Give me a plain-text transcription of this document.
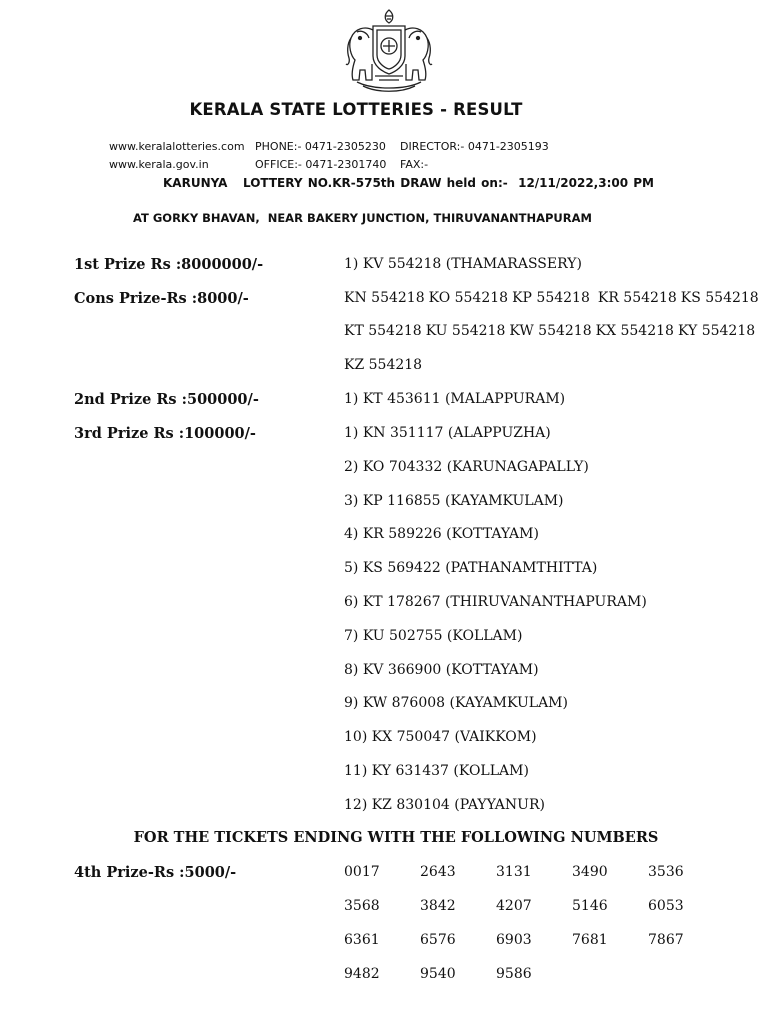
KERALA STATE LOTTERIES - RESULT
www.keralalotteries.com
www.kerala.gov.in
PHONE:- 0471-2305230
OFFICE:- 0471-2301740
DIRECTOR:- 0471-2305193
FAX:-
KARUNYA   LOTTERY NO.KR-575th DRAW held on:-  12/11/2022,3:00 PM
AT GORKY BHAVAN,  NEAR BAKERY JUNCTION, THIRUVANANTHAPURAM
1st Prize Rs :8000000/-	1) KV 554218 (THAMARASSERY)
Cons Prize-Rs :8000/-	KN 554218 KO 554218 KP 554218 KR 554218 KS 554218
KT 554218 KU 554218 KW 554218 KX 554218 KY 554218
KZ 554218
2nd Prize Rs :500000/-	1) KT 453611 (MALAPPURAM)
3rd Prize Rs :100000/-	1) KN 351117 (ALAPPUZHA)
2) KO 704332 (KARUNAGAPALLY)
3) KP 116855 (KAYAMKULAM)
4) KR 589226 (KOTTAYAM)
5) KS 569422 (PATHANAMTHITTA)
6) KT 178267 (THIRUVANANTHAPURAM)
7) KU 502755 (KOLLAM)
8) KV 366900 (KOTTAYAM)
9) KW 876008 (KAYAMKULAM)
10) KX 750047 (VAIKKOM)
11) KY 631437 (KOLLAM)
12) KZ 830104 (PAYYANUR)
FOR THE TICKETS ENDING WITH THE FOLLOWING NUMBERS
4th Prize-Rs :5000/-	0017	2643	3131	3490	3536
3568	3842	4207	5146	6053
6361	6576	6903	7681	7867
9482	9540	9586
